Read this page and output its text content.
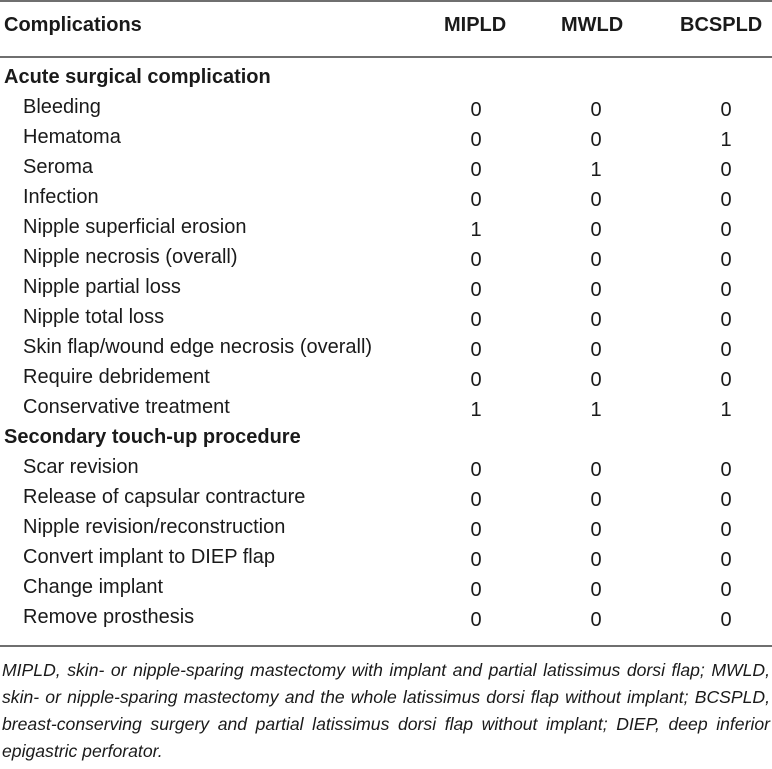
Complications	MIPLD	MWLD	BCSPLD
Acute surgical complication
Bleeding	0	0	0
Hematoma	0	0	1
Seroma	0	1	0
Infection	0	0	0
Nipple superficial erosion	1	0	0
Nipple necrosis (overall)	0	0	0
Nipple partial loss	0	0	0
Nipple total loss	0	0	0
Skin flap/wound edge necrosis (overall)	0	0	0
Require debridement	0	0	0
Conservative treatment	1	1	1
Secondary touch-up procedure
Scar revision	0	0	0
Release of capsular contracture	0	0	0
Nipple revision/reconstruction	0	0	0
Convert implant to DIEP flap	0	0	0
Change implant	0	0	0
Remove prosthesis	0	0	0
MIPLD, skin- or nipple-sparing mastectomy with implant and partial latissimus dorsi flap; MWLD, skin- or nipple-sparing mastectomy and the whole latissimus dorsi flap without implant; BCSPLD, breast-conserving surgery and partial latissimus dorsi flap without implant; DIEP, deep inferior epigastric perforator.
